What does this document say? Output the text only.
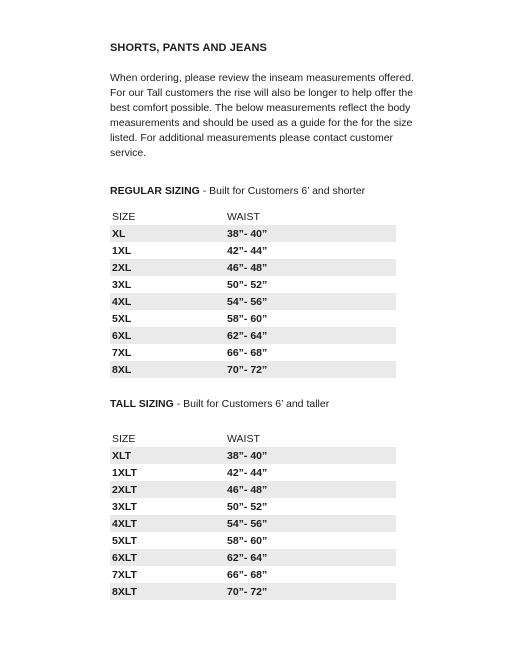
SHORTS, PANTS AND JEANS

When ordering, please review the inseam measurements offered. For our Tall customers the rise will also be longer to help offer the best comfort possible. The below measurements reflect the body measurements and should be used as a guide for the for the size listed. For additional measurements please contact customer service.

REGULAR SIZING - Built for Customers 6’ and shorter
SIZE	WAIST
XL	38”- 40”
1XL	42”- 44”
2XL	46”- 48”
3XL	50”- 52”
4XL	54”- 56”
5XL	58”- 60”
6XL	62”- 64”
7XL	66”- 68”
8XL	70”- 72”
TALL SIZING - Built for Customers 6’ and taller
SIZE	WAIST
XLT	38”- 40”
1XLT	42”- 44”
2XLT	46”- 48”
3XLT	50”- 52”
4XLT	54”- 56”
5XLT	58”- 60”
6XLT	62”- 64”
7XLT	66”- 68”
8XLT	70”- 72”
